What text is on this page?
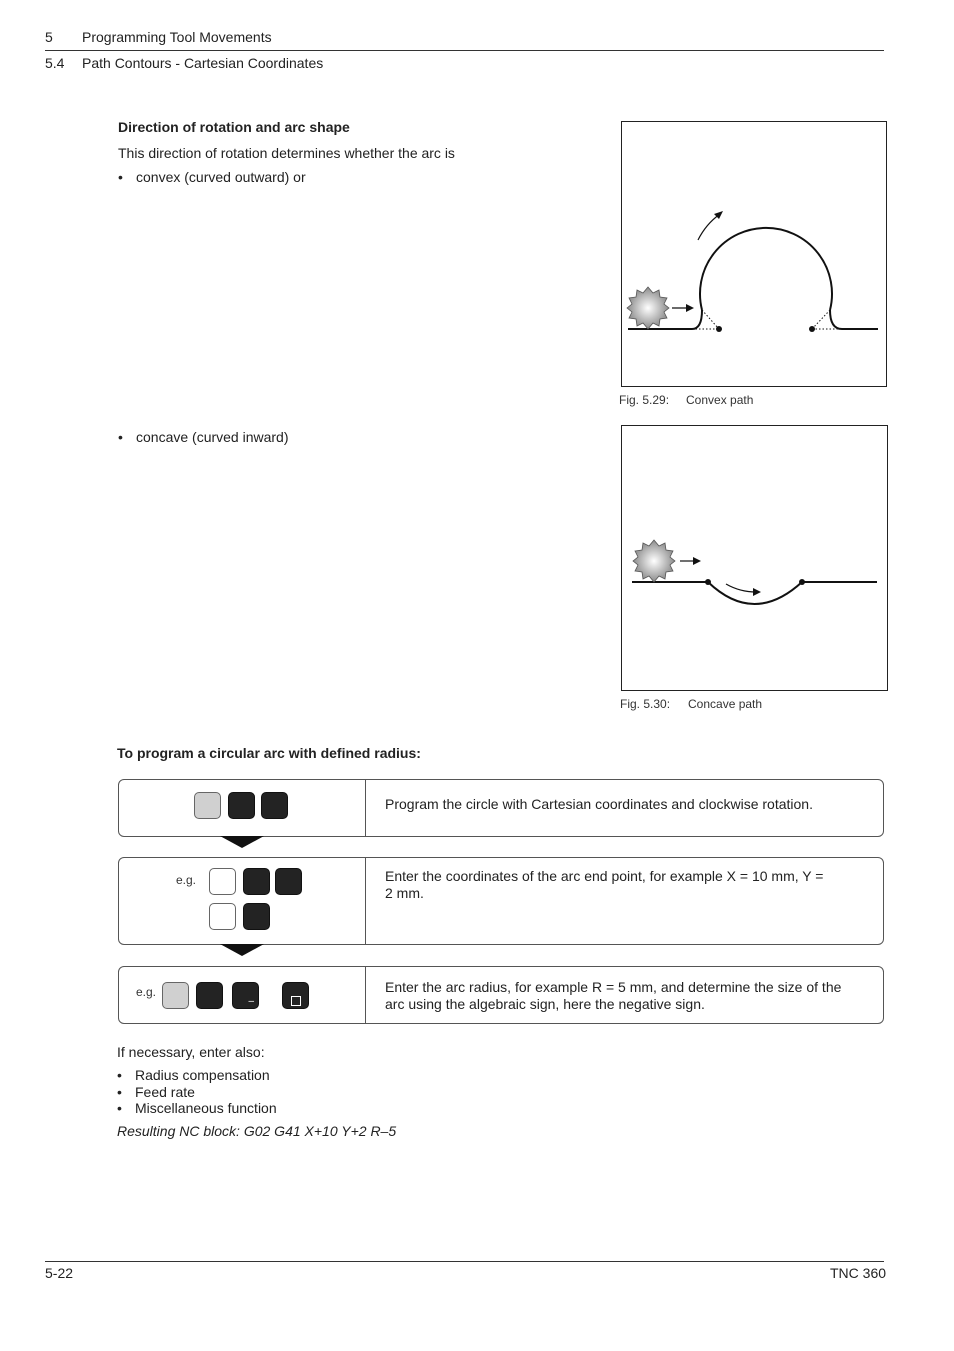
5 Programming Tool Movements
5.4 Path Contours - Cartesian Coordinates
Direction of rotation and arc shape
This direction of rotation determines whether the arc is
• convex (curved outward) or
Fig. 5.29: Convex path
• concave (curved inward)
Fig. 5.30: Concave path
To program a circular arc with defined radius:
Program the circle with Cartesian coordinates and clockwise rotation.
e.g.	Enter the coordinates of the arc end point, for example X = 10 mm, Y = 2 mm.
e.g.
–
Enter the arc radius, for example R = 5 mm, and determine the size of the arc using the algebraic sign, here the negative sign.
If necessary, enter also:
• Radius compensation
• Feed rate
• Miscellaneous function
Resulting NC block: G02 G41 X+10 Y+2 R–5
5-22	TNC 360
